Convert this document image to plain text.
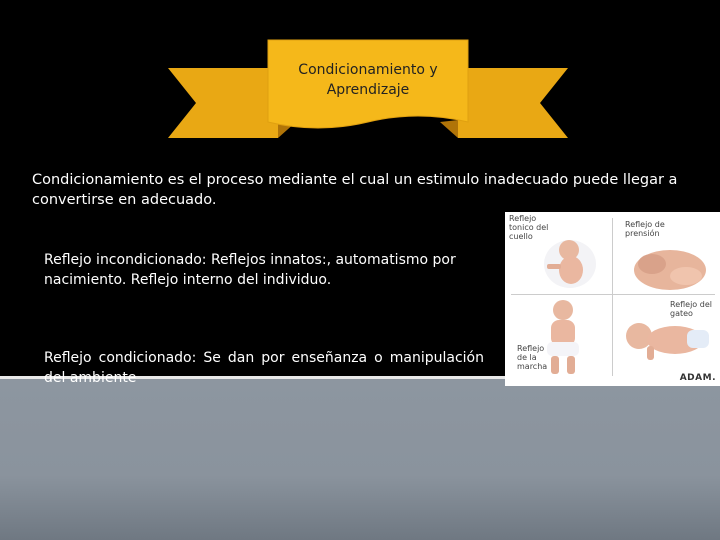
Condicionamiento y
Aprendizaje
Condicionamiento es el proceso mediante el cual un estimulo inadecuado puede llegar a convertirse en adecuado.
Reflejo incondicionado: Reflejos innatos:, automatismo por nacimiento. Reflejo interno del individuo.
Reflejo condicionado: Se dan por enseñanza o manipulación del ambiente
Reflejo
tonico del
cuello
Reflejo de
prensión
Reflejo del
gateo
Reflejo
de la
marcha
ADAM.
